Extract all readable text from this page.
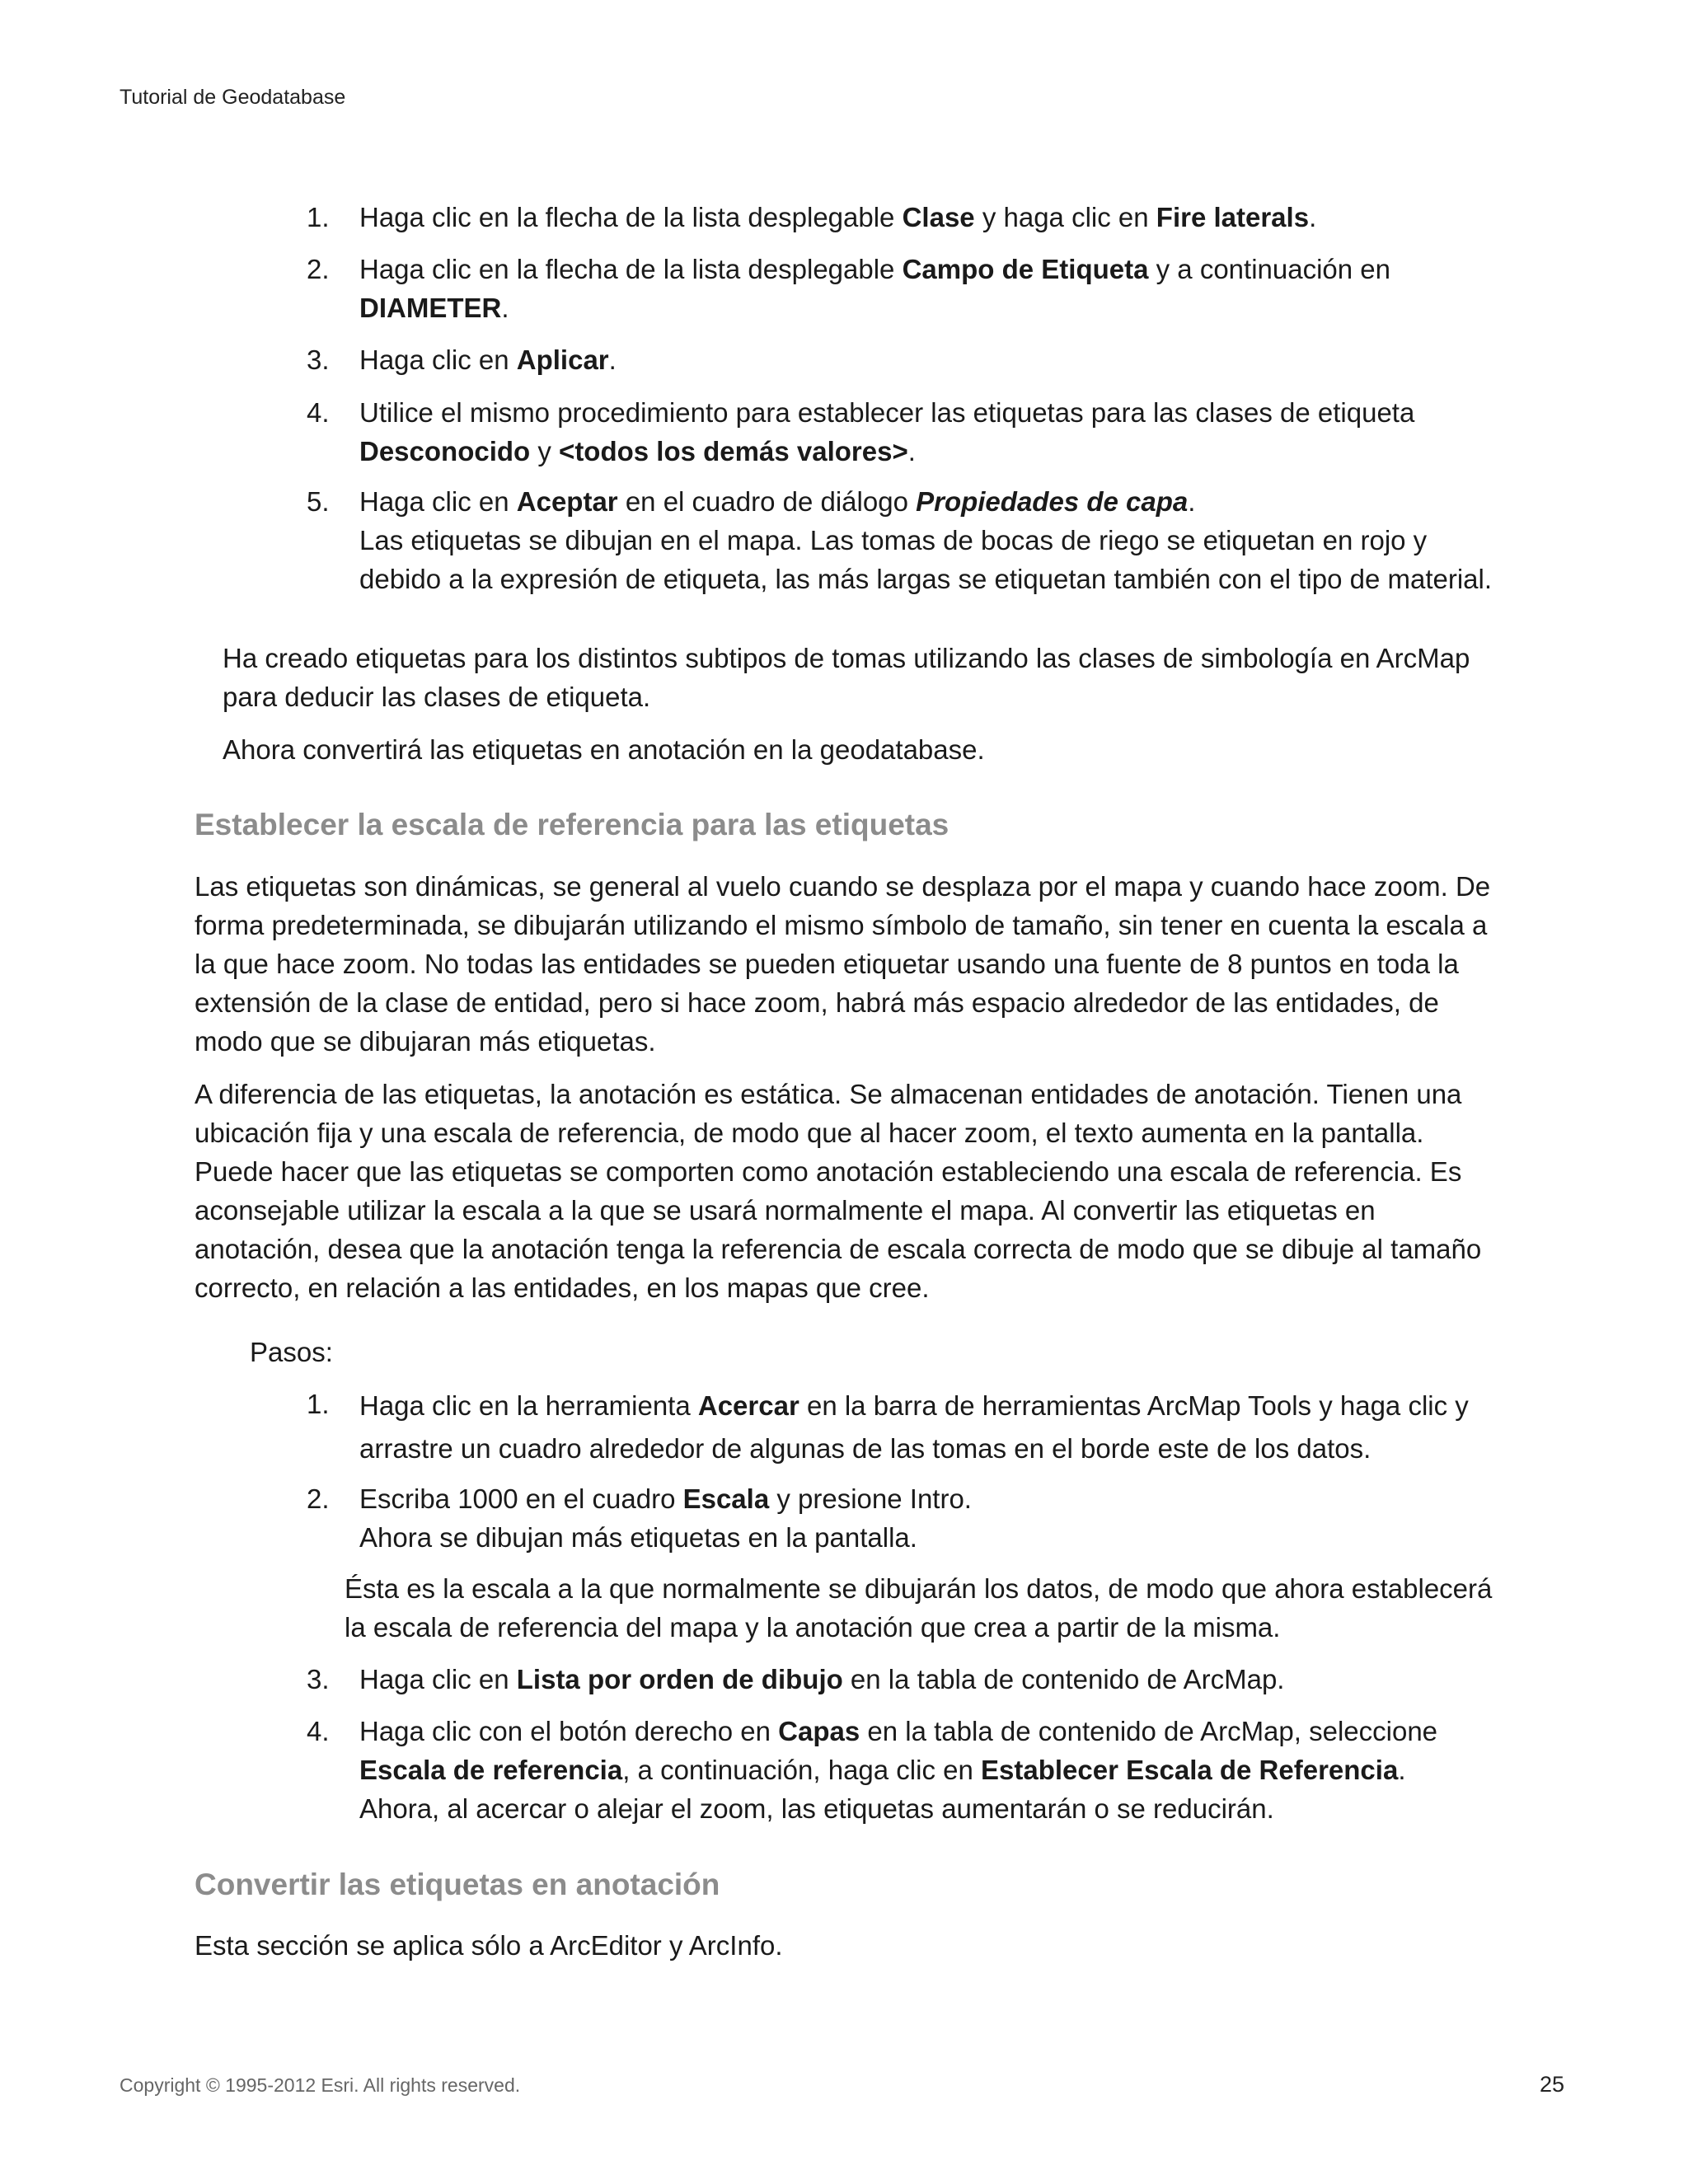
Tutorial de Geodatabase
1.	Haga clic en la flecha de la lista desplegable Clase y haga clic en Fire laterals.
2.	Haga clic en la flecha de la lista desplegable Campo de Etiqueta y a continuación en
DIAMETER.
3.	Haga clic en Aplicar.
4.	Utilice el mismo procedimiento para establecer las etiquetas para las clases de etiqueta
Desconocido y <todos los demás valores>.
5.	Haga clic en Aceptar en el cuadro de diálogo Propiedades de capa.
Las etiquetas se dibujan en el mapa. Las tomas de bocas de riego se etiquetan en rojo y
debido a la expresión de etiqueta, las más largas se etiquetan también con el tipo de material.
Ha creado etiquetas para los distintos subtipos de tomas utilizando las clases de simbología en ArcMap para deducir las clases de etiqueta.
Ahora convertirá las etiquetas en anotación en la geodatabase.
Establecer la escala de referencia para las etiquetas
Las etiquetas son dinámicas, se general al vuelo cuando se desplaza por el mapa y cuando hace zoom. De forma predeterminada, se dibujarán utilizando el mismo símbolo de tamaño, sin tener en cuenta la escala a la que hace zoom. No todas las entidades se pueden etiquetar usando una fuente de 8 puntos en toda la extensión de la clase de entidad, pero si hace zoom, habrá más espacio alrededor de las entidades, de modo que se dibujaran más etiquetas.
A diferencia de las etiquetas, la anotación es estática. Se almacenan entidades de anotación. Tienen una ubicación fija y una escala de referencia, de modo que al hacer zoom, el texto aumenta en la pantalla. Puede hacer que las etiquetas se comporten como anotación estableciendo una escala de referencia. Es aconsejable utilizar la escala a la que se usará normalmente el mapa. Al convertir las etiquetas en anotación, desea que la anotación tenga la referencia de escala correcta de modo que se dibuje al tamaño correcto, en relación a las entidades, en los mapas que cree.
Pasos:
1.	Haga clic en la herramienta Acercar en la barra de herramientas ArcMap Tools y haga clic y
arrastre un cuadro alrededor de algunas de las tomas en el borde este de los datos.
2.	Escriba 1000 en el cuadro Escala y presione Intro.
Ahora se dibujan más etiquetas en la pantalla.
Ésta es la escala a la que normalmente se dibujarán los datos, de modo que ahora establecerá la escala de referencia del mapa y la anotación que crea a partir de la misma.
3.	Haga clic en Lista por orden de dibujo en la tabla de contenido de ArcMap.
4.	Haga clic con el botón derecho en Capas en la tabla de contenido de ArcMap, seleccione
Escala de referencia, a continuación, haga clic en Establecer Escala de Referencia.
Ahora, al acercar o alejar el zoom, las etiquetas aumentarán o se reducirán.
Convertir las etiquetas en anotación
Esta sección se aplica sólo a ArcEditor y ArcInfo.
Copyright © 1995-2012 Esri. All rights reserved.	25
